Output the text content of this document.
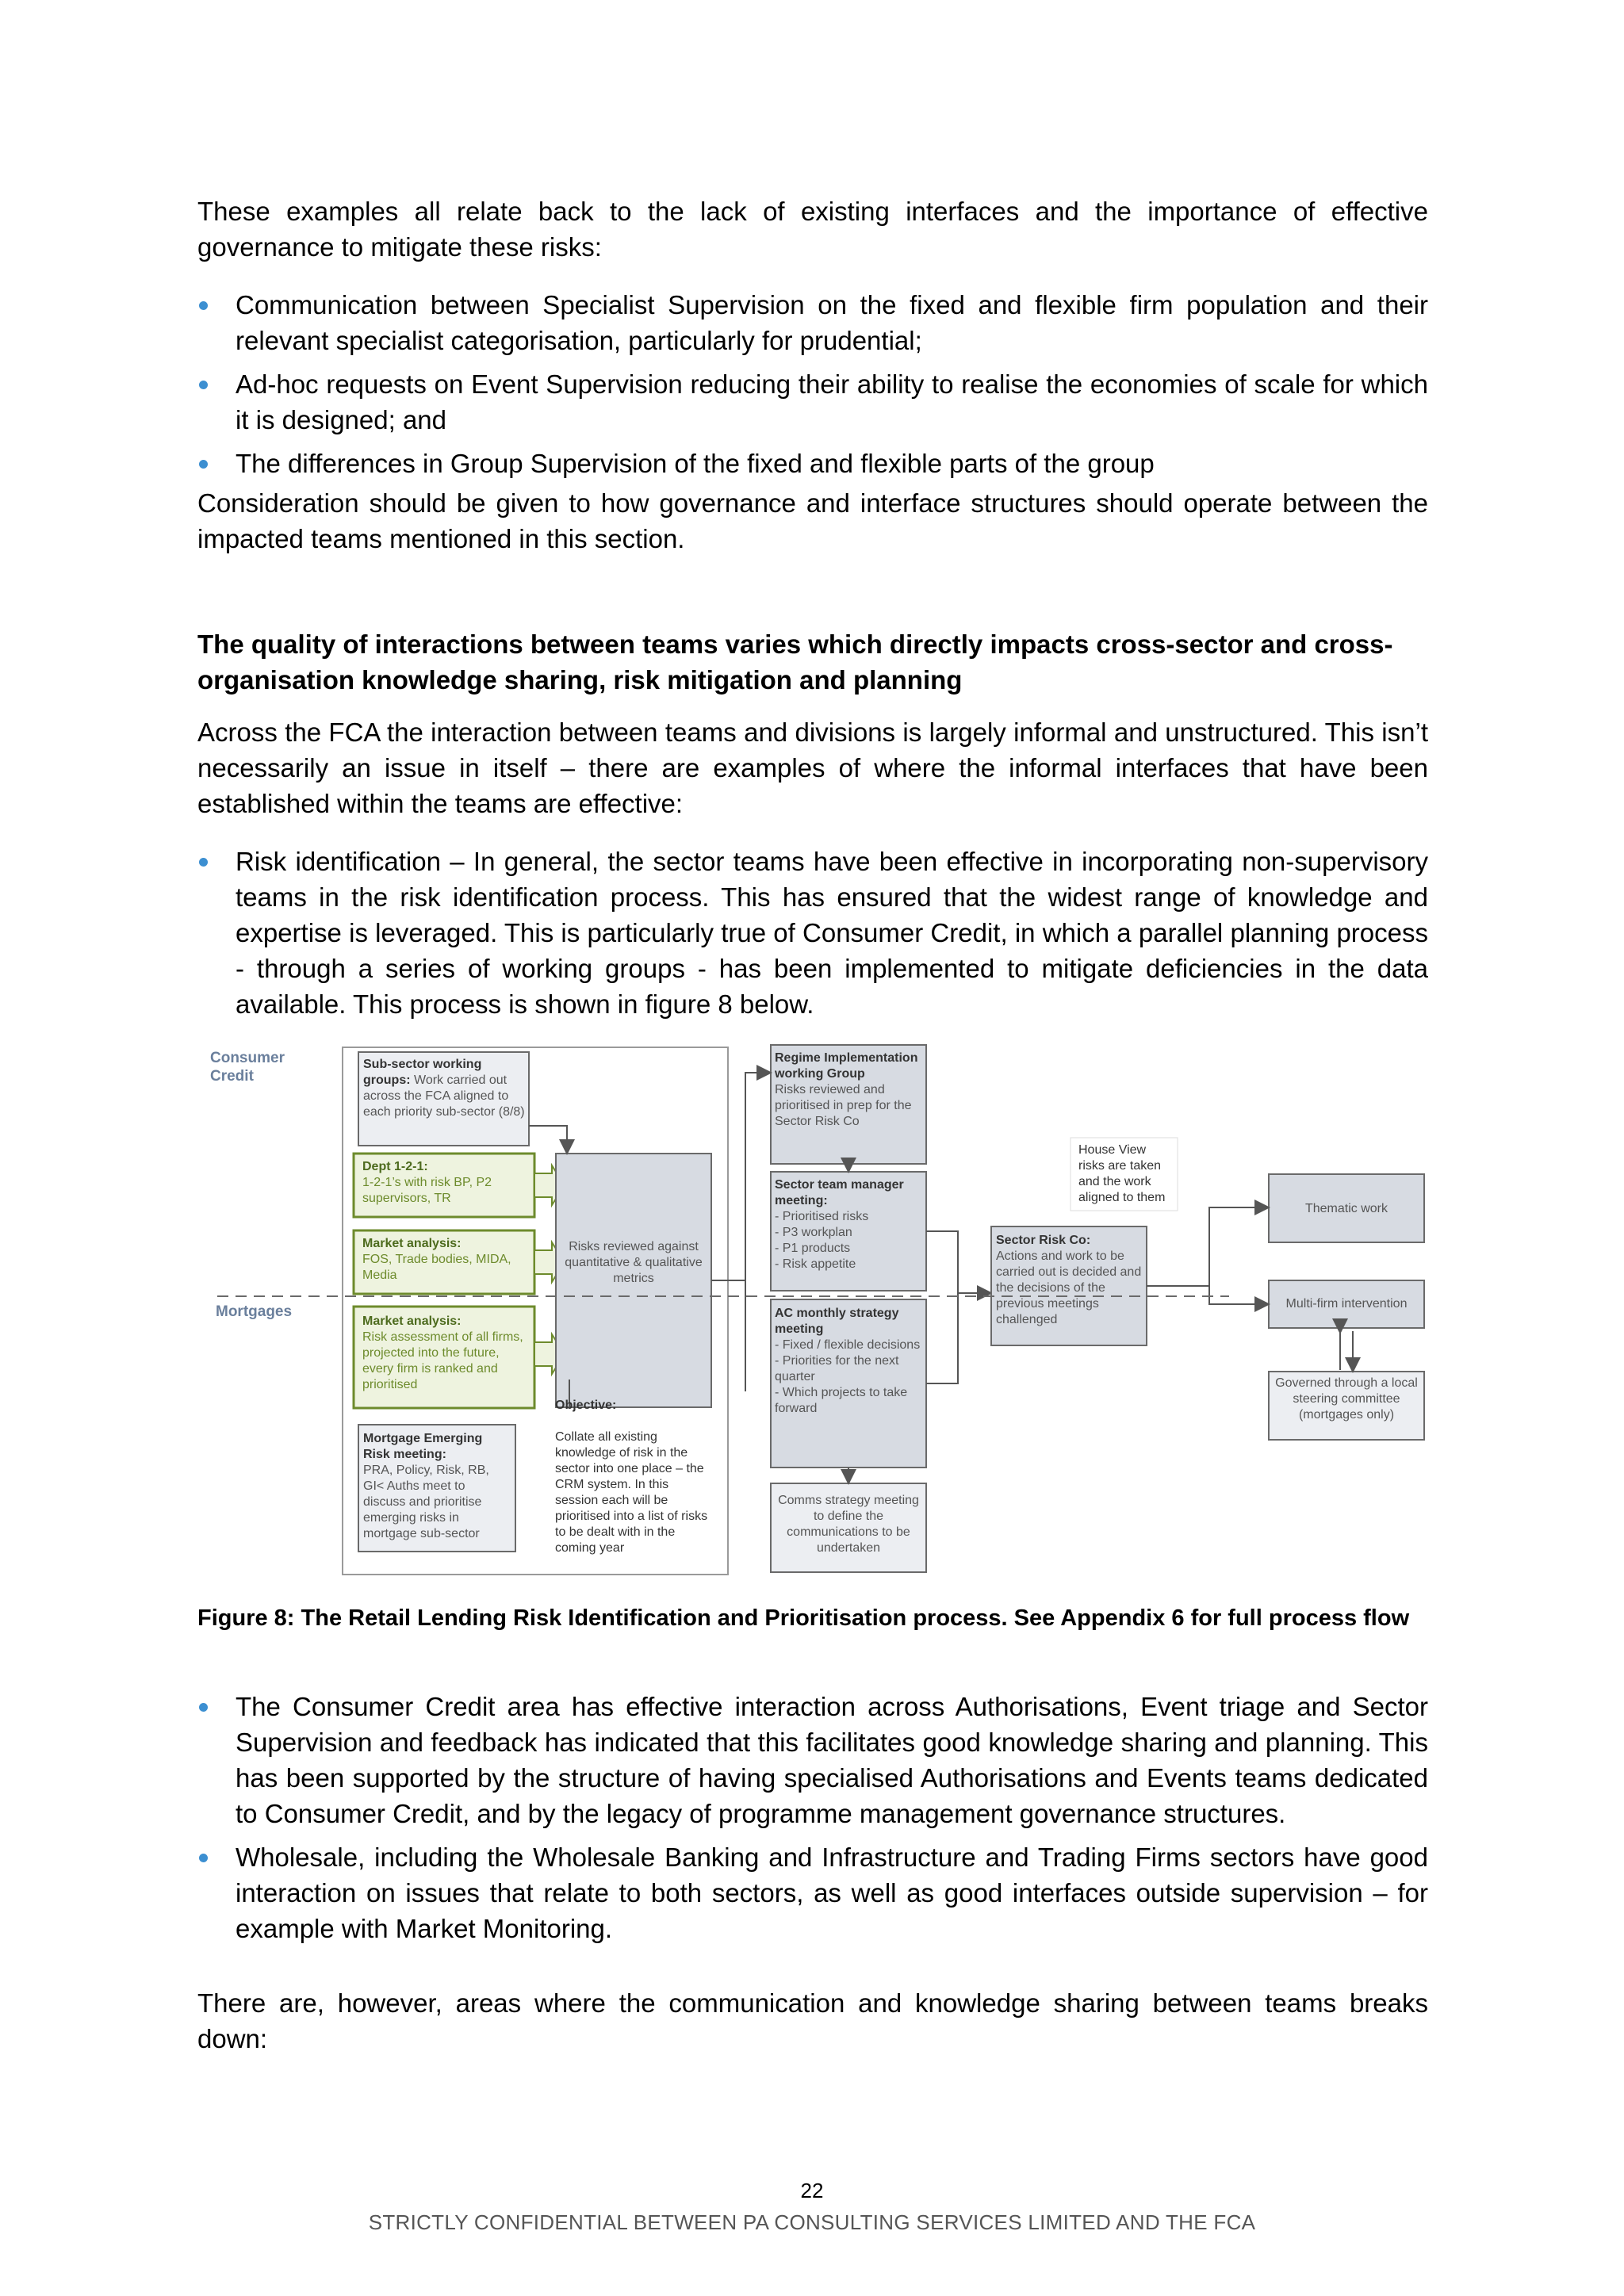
These examples all relate back to the lack of existing interfaces and the importance of effective governance to mitigate these risks:

Communication between Specialist Supervision on the fixed and flexible firm population and their relevant specialist categorisation, particularly for prudential;
Ad-hoc requests on Event Supervision reducing their ability to realise the economies of scale for which it is designed; and
The differences in Group Supervision of the fixed and flexible parts of the group

Consideration should be given to how governance and interface structures should operate between the impacted teams mentioned in this section.

The quality of interactions between teams varies which directly impacts cross-sector and cross-organisation knowledge sharing, risk mitigation and planning

Across the FCA the interaction between teams and divisions is largely informal and unstructured. This isn’t necessarily an issue in itself – there are examples of where the informal interfaces that have been established within the teams are effective:

Risk identification – In general, the sector teams have been effective in incorporating non-supervisory teams in the risk identification process. This has ensured that the widest range of knowledge and expertise is leveraged. This is particularly true of Consumer Credit, in which a parallel planning process - through a series of working groups - has been implemented to mitigate deficiencies in the data available. This process is shown in figure 8 below.
Consumer
Credit
Mortgages
Sub-sector working groups: Work carried out across the FCA aligned to each priority sub-sector (8/8)
Dept 1-2-1:
1-2-1’s with risk BP, P2 supervisors, TR
Market analysis:
FOS, Trade bodies, MIDA, Media
Market analysis:
Risk assessment of all firms, projected into the future, every firm is ranked and prioritised
Mortgage Emerging Risk meeting:
PRA, Policy, Risk, RB, GI< Auths meet to discuss and prioritise emerging risks in mortgage sub-sector
Risks reviewed against quantitative & qualitative metrics
Objective:

Collate all existing knowledge of risk in the sector into one place – the CRM system. In this session each will be prioritised into a list of risks to be dealt with in the coming year
Regime Implementation working Group
Risks reviewed and prioritised in prep for the Sector Risk Co
Sector team manager meeting:
- Prioritised risks
- P3 workplan
- P1 products
- Risk appetite
AC monthly strategy meeting
- Fixed / flexible decisions
- Priorities for the next quarter
- Which projects to take forward
Comms strategy meeting to define the communications to be undertaken
Sector Risk Co:
Actions and work to be carried out is decided and the decisions of the previous meetings challenged
House View risks are taken and the work aligned to them
Thematic work
Multi-firm intervention
Governed through a local steering committee (mortgages only)
Figure 8: The Retail Lending Risk Identification and Prioritisation process. See Appendix 6 for full process flow
The Consumer Credit area has effective interaction across Authorisations, Event triage and Sector Supervision and feedback has indicated that this facilitates good knowledge sharing and planning. This has been supported by the structure of having specialised Authorisations and Events teams dedicated to Consumer Credit, and by the legacy of programme management governance structures.
Wholesale, including the Wholesale Banking and Infrastructure and Trading Firms sectors have good interaction on issues that relate to both sectors, as well as good interfaces outside supervision – for example with Market Monitoring.

There are, however, areas where the communication and knowledge sharing between teams breaks down:

22
STRICTLY CONFIDENTIAL BETWEEN PA CONSULTING SERVICES LIMITED AND THE FCA
